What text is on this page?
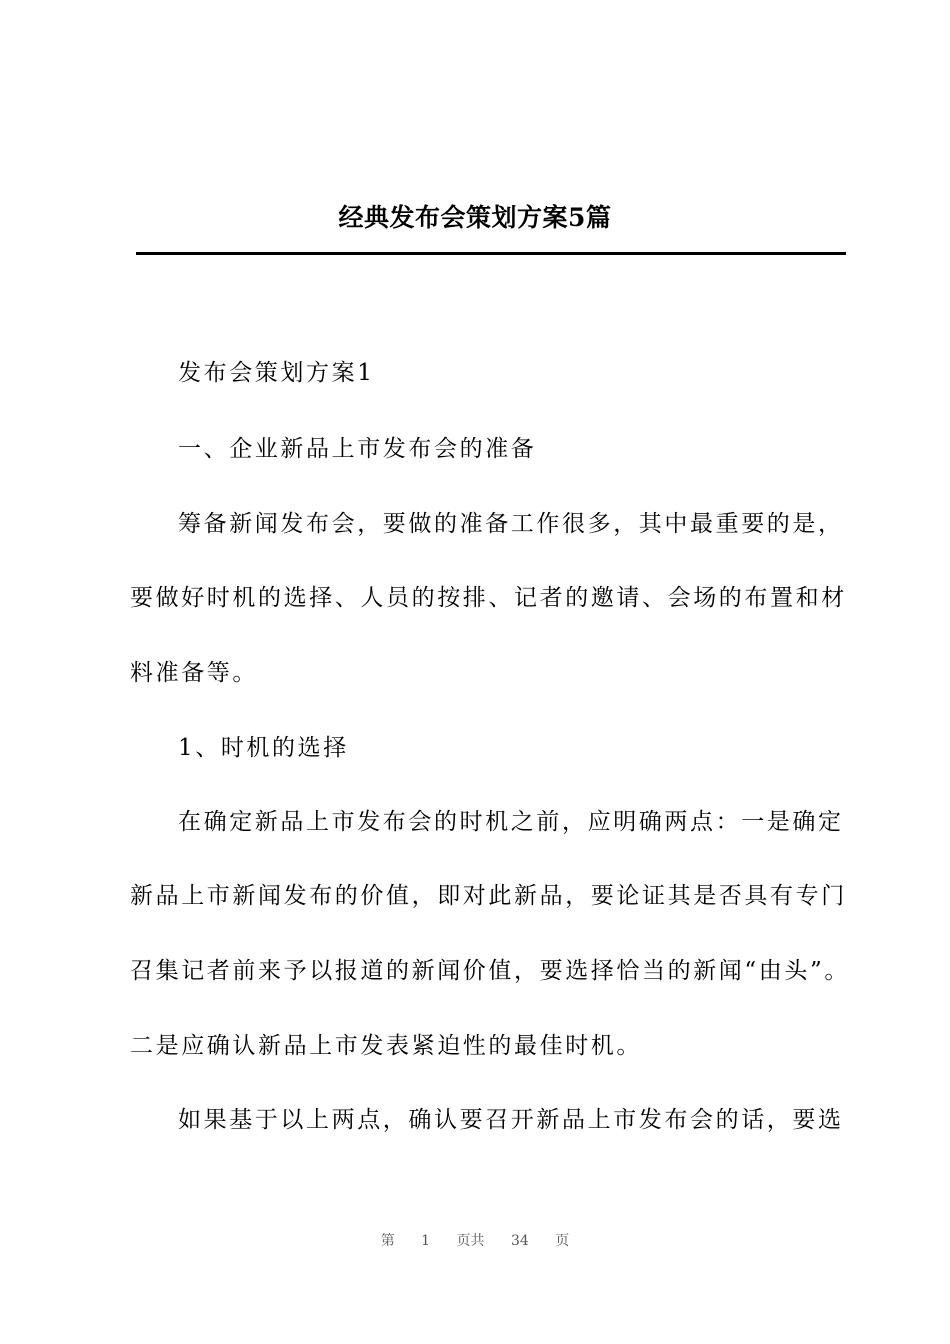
经典发布会策划方案5篇
发布会策划方案1
一、企业新品上市发布会的准备
筹备新闻发布会，要做的准备工作很多，其中最重要的是，
要做好时机的选择、人员的按排、记者的邀请、会场的布置和材
料准备等。
1、时机的选择
在确定新品上市发布会的时机之前，应明确两点：一是确定
新品上市新闻发布的价值，即对此新品，要论证其是否具有专门
召集记者前来予以报道的新闻价值，要选择恰当的新闻“由头”。
二是应确认新品上市发表紧迫性的最佳时机。
如果基于以上两点，确认要召开新品上市发布会的话，要选
第 1 页共 34 页
